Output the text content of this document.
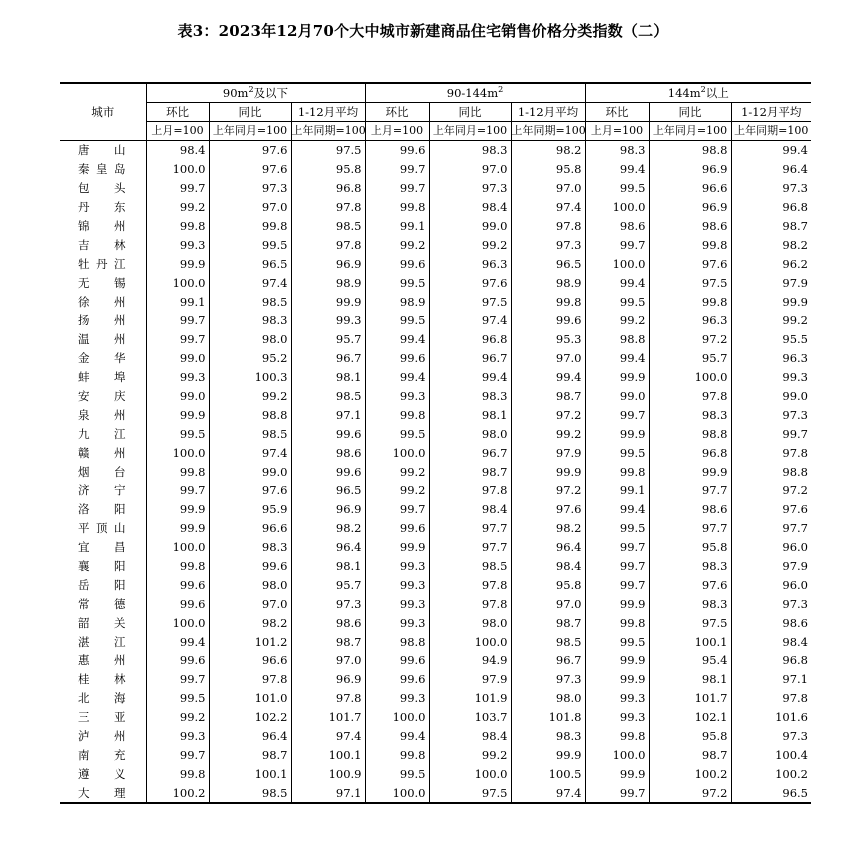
表3：2023年12月70个大中城市新建商品住宅销售价格分类指数（二）
城市	$90m^2$及以下			$90-144m^2$			$144m^2$以上		
	环比	同比	1-12月平均	环比	同比	1-12月平均	环比	同比	1-12月平均
	上月=100	上年同月=100	上年同期=100	上月=100	上年同月=100	上年同期=100	上月=100	上年同月=100	上年同期=100
唐山	98.4	97.6	97.5	99.6	98.3	98.2	98.3	98.8	99.4
秦皇岛	100.0	97.6	95.8	99.7	97.0	95.8	99.4	96.9	96.4
包头	99.7	97.3	96.8	99.7	97.3	97.0	99.5	96.6	97.3
丹东	99.2	97.0	97.8	99.8	98.4	97.4	100.0	96.9	96.8
锦州	99.8	99.8	98.5	99.1	99.0	97.8	98.6	98.6	98.7
吉林	99.3	99.5	97.8	99.2	99.2	97.3	99.7	99.8	98.2
牡丹江	99.9	96.5	96.9	99.6	96.3	96.5	100.0	97.6	96.2
无锡	100.0	97.4	98.9	99.5	97.6	98.9	99.4	97.5	97.9
徐州	99.1	98.5	99.9	98.9	97.5	99.8	99.5	99.8	99.9
扬州	99.7	98.3	99.3	99.5	97.4	99.6	99.2	96.3	99.2
温州	99.7	98.0	95.7	99.4	96.8	95.3	98.8	97.2	95.5
金华	99.0	95.2	96.7	99.6	96.7	97.0	99.4	95.7	96.3
蚌埠	99.3	100.3	98.1	99.4	99.4	99.4	99.9	100.0	99.3
安庆	99.0	99.2	98.5	99.3	98.3	98.7	99.0	97.8	99.0
泉州	99.9	98.8	97.1	99.8	98.1	97.2	99.7	98.3	97.3
九江	99.5	98.5	99.6	99.5	98.0	99.2	99.9	98.8	99.7
赣州	100.0	97.4	98.6	100.0	96.7	97.9	99.5	96.8	97.8
烟台	99.8	99.0	99.6	99.2	98.7	99.9	99.8	99.9	98.8
济宁	99.7	97.6	96.5	99.2	97.8	97.2	99.1	97.7	97.2
洛阳	99.9	95.9	96.9	99.7	98.4	97.6	99.4	98.6	97.6
平顶山	99.9	96.6	98.2	99.6	97.7	98.2	99.5	97.7	97.7
宜昌	100.0	98.3	96.4	99.9	97.7	96.4	99.7	95.8	96.0
襄阳	99.8	99.6	98.1	99.3	98.5	98.4	99.7	98.3	97.9
岳阳	99.6	98.0	95.7	99.3	97.8	95.8	99.7	97.6	96.0
常德	99.6	97.0	97.3	99.3	97.8	97.0	99.9	98.3	97.3
韶关	100.0	98.2	98.6	99.3	98.0	98.7	99.8	97.5	98.6
湛江	99.4	101.2	98.7	98.8	100.0	98.5	99.5	100.1	98.4
惠州	99.6	96.6	97.0	99.6	94.9	96.7	99.9	95.4	96.8
桂林	99.7	97.8	96.9	99.6	97.9	97.3	99.9	98.1	97.1
北海	99.5	101.0	97.8	99.3	101.9	98.0	99.3	101.7	97.8
三亚	99.2	102.2	101.7	100.0	103.7	101.8	99.3	102.1	101.6
泸州	99.3	96.4	97.4	99.4	98.4	98.3	99.8	95.8	97.3
南充	99.7	98.7	100.1	99.8	99.2	99.9	100.0	98.7	100.4
遵义	99.8	100.1	100.9	99.5	100.0	100.5	99.9	100.2	100.2
大理	100.2	98.5	97.1	100.0	97.5	97.4	99.7	97.2	96.5
